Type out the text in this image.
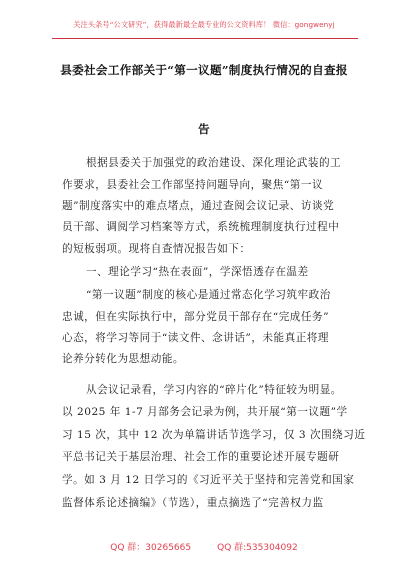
关注头条号“公文研究”，获得最新最全最专业的公文资料库！ 微信：gongwenyj
县委社会工作部关于“第一议题”制度执行情况的自查报
告
根据县委关于加强党的政治建设、深化理论武装的工
作要求，县委社会工作部坚持问题导向，聚焦“第一议
题”制度落实中的难点堵点，通过查阅会议记录、访谈党
员干部、调阅学习档案等方式，系统梳理制度执行过程中
的短板弱项。现将自查情况报告如下：
一、理论学习“热在表面”，学深悟透存在温差
“第一议题”制度的核心是通过常态化学习筑牢政治
忠诚，但在实际执行中，部分党员干部存在“完成任务”
心态，将学习等同于“读文件、念讲话”，未能真正将理
论养分转化为思想动能。
从会议记录看，学习内容的“碎片化”特征较为明显。
以 2025 年 1-7 月部务会记录为例，共开展“第一议题”学
习 15 次，其中 12 次为单篇讲话节选学习，仅 3 次围绕习近
平总书记关于基层治理、社会工作的重要论述开展专题研
学。如 3 月 12 日学习的《习近平关于坚持和完善党和国家
监督体系论述摘编》（节选），重点摘选了“完善权力监
QQ 群：30265665	QQ 群:535304092
